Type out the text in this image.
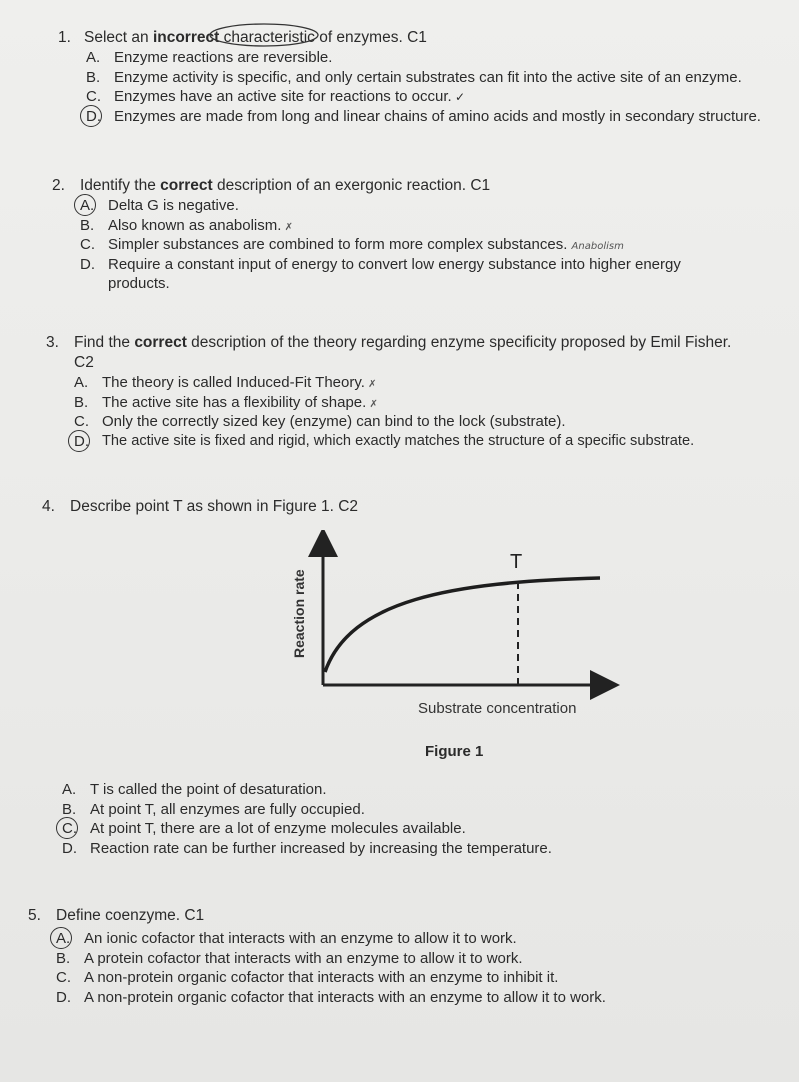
1. Select an incorrect characteristic of enzymes. C1
A. Enzyme reactions are reversible.
B. Enzyme activity is specific, and only certain substrates can fit into the active site of an enzyme.
C. Enzymes have an active site for reactions to occur. ✓
D. Enzymes are made from long and linear chains of amino acids and mostly in secondary structure.
2. Identify the correct description of an exergonic reaction. C1
A. Delta G is negative.
B. Also known as anabolism. ✗
C. Simpler substances are combined to form more complex substances. Anabolism
D. Require a constant input of energy to convert low energy substance into higher energy products.
3. Find the correct description of the theory regarding enzyme specificity proposed by Emil Fisher.
C2
A. The theory is called Induced-Fit Theory. ✗
B. The active site has a flexibility of shape. ✗
C. Only the correctly sized key (enzyme) can bind to the lock (substrate).
D. The active site is fixed and rigid, which exactly matches the structure of a specific substrate.
4. Describe point T as shown in Figure 1. C2
T
Reaction rate
Substrate concentration
Figure 1
A. T is called the point of desaturation.
B. At point T, all enzymes are fully occupied.
C. At point T, there are a lot of enzyme molecules available.
D. Reaction rate can be further increased by increasing the temperature.
5. Define coenzyme. C1
A. An ionic cofactor that interacts with an enzyme to allow it to work.
B. A protein cofactor that interacts with an enzyme to allow it to work.
C. A non-protein organic cofactor that interacts with an enzyme to inhibit it.
D. A non-protein organic cofactor that interacts with an enzyme to allow it to work.
